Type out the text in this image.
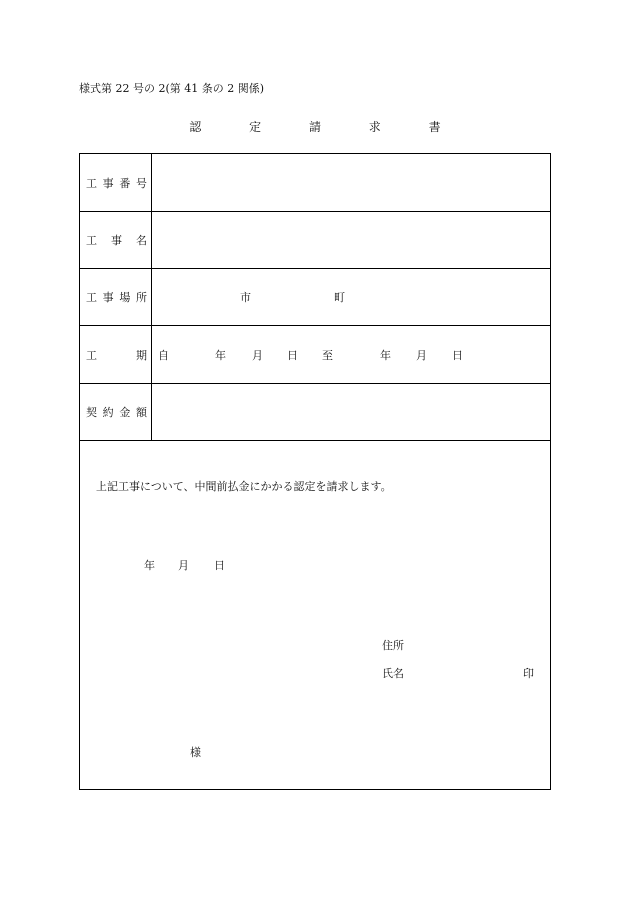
様式第 22 号の 2(第 41 条の 2 関係)
認 定 請 求 書
工事番号
工 事 名
工事場所	市	町
工　　期 自	年 月 日 至	年 月 日
契約金額
上記工事について、中間前払金にかかる認定を請求します。
年 月 日
住所
氏名	印
様
